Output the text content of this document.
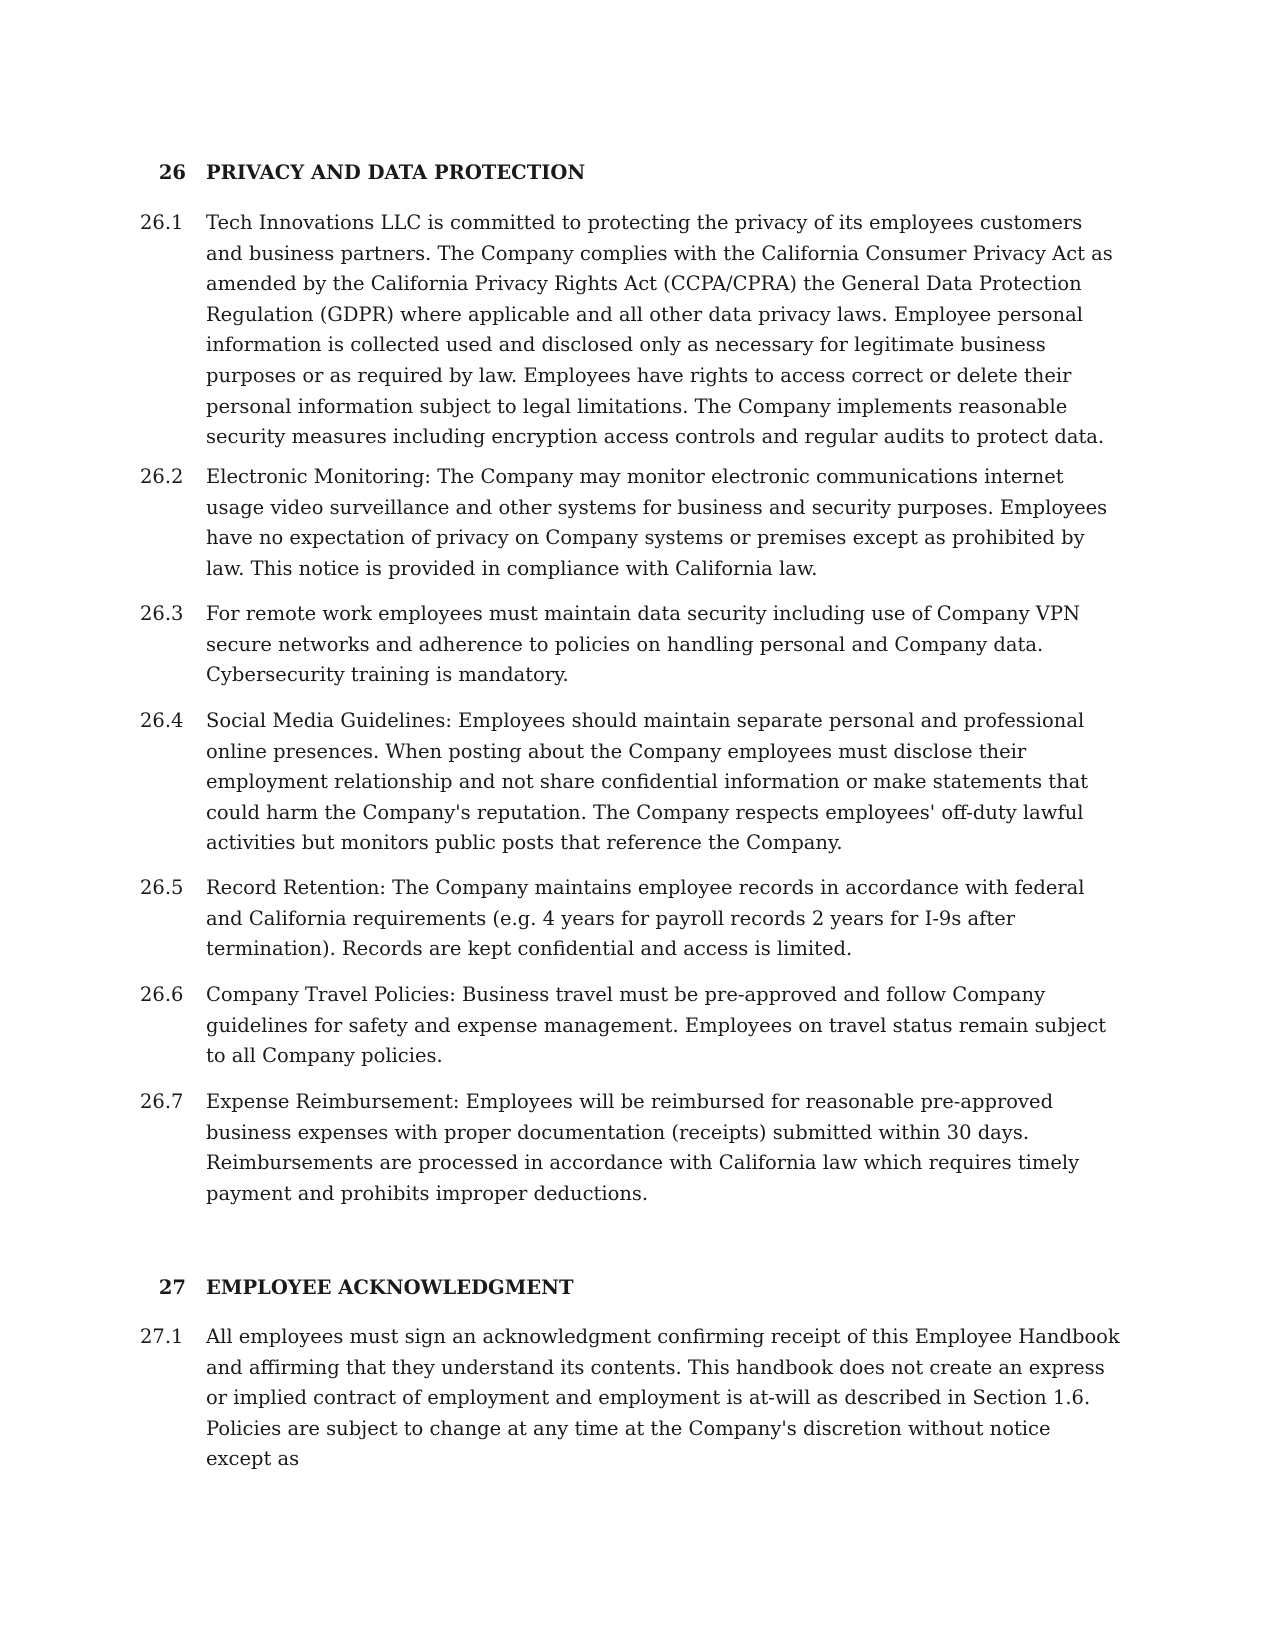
26	PRIVACY AND DATA PROTECTION
26.1	Tech Innovations LLC is committed to protecting the privacy of its employees customers and business partners. The Company complies with the California Consumer Privacy Act as amended by the California Privacy Rights Act (CCPA/CPRA) the General Data Protection Regulation (GDPR) where applicable and all other data privacy laws. Employee personal information is collected used and disclosed only as necessary for legitimate business purposes or as required by law. Employees have rights to access correct or delete their personal information subject to legal limitations. The Company implements reasonable security measures including encryption access controls and regular audits to protect data.
26.2	Electronic Monitoring: The Company may monitor electronic communications internet usage video surveillance and other systems for business and security purposes. Employees have no expectation of privacy on Company systems or premises except as prohibited by law. This notice is provided in compliance with California law.
26.3	For remote work employees must maintain data security including use of Company VPN secure networks and adherence to policies on handling personal and Company data. Cybersecurity training is mandatory.
26.4	Social Media Guidelines: Employees should maintain separate personal and professional online presences. When posting about the Company employees must disclose their employment relationship and not share confidential information or make statements that could harm the Company's reputation. The Company respects employees' off-duty lawful activities but monitors public posts that reference the Company.
26.5	Record Retention: The Company maintains employee records in accordance with federal and California requirements (e.g. 4 years for payroll records 2 years for I-9s after termination). Records are kept confidential and access is limited.
26.6	Company Travel Policies: Business travel must be pre-approved and follow Company guidelines for safety and expense management. Employees on travel status remain subject to all Company policies.
26.7	Expense Reimbursement: Employees will be reimbursed for reasonable pre-approved business expenses with proper documentation (receipts) submitted within 30 days. Reimbursements are processed in accordance with California law which requires timely payment and prohibits improper deductions.
27	EMPLOYEE ACKNOWLEDGMENT
27.1	All employees must sign an acknowledgment confirming receipt of this Employee Handbook and affirming that they understand its contents. This handbook does not create an express or implied contract of employment and employment is at-will as described in Section 1.6. Policies are subject to change at any time at the Company's discretion without notice except as
